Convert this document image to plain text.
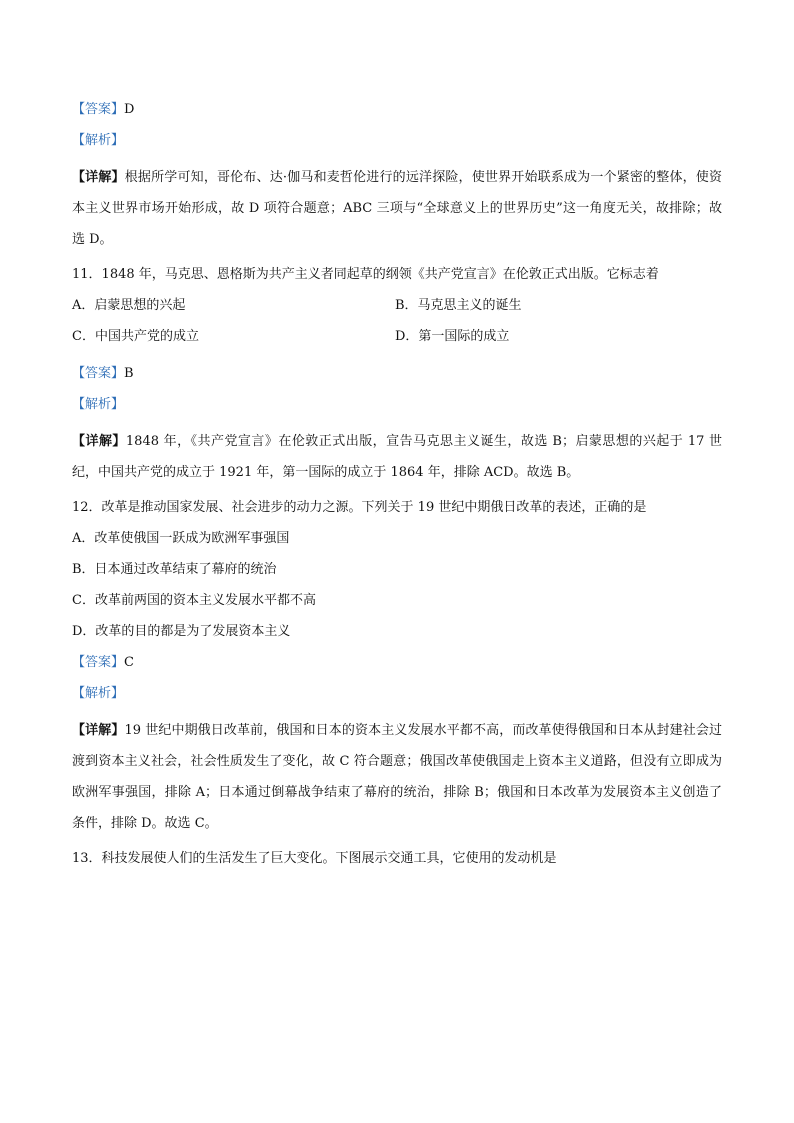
【答案】D

【解析】

【详解】根据所学可知，哥伦布、达·伽马和麦哲伦进行的远洋探险，使世界开始联系成为一个紧密的整体，使资本主义世界市场开始形成，故 D 项符合题意；ABC 三项与“全球意义上的世界历史”这一角度无关，故排除；故选 D。

11．1848 年，马克思、恩格斯为共产主义者同起草的纲领《共产党宣言》在伦敦正式出版。它标志着

A．启蒙思想的兴起	B．马克思主义的诞生
C．中国共产党的成立	D．第一国际的成立

【答案】B

【解析】

【详解】1848 年，《共产党宣言》在伦敦正式出版，宣告马克思主义诞生，故选 B；启蒙思想的兴起于 17 世纪，中国共产党的成立于 1921 年，第一国际的成立于 1864 年，排除 ACD。故选 B。

12．改革是推动国家发展、社会进步的动力之源。下列关于 19 世纪中期俄日改革的表述，正确的是

A．改革使俄国一跃成为欧洲军事强国

B．日本通过改革结束了幕府的统治

C．改革前两国的资本主义发展水平都不高

D．改革的目的都是为了发展资本主义

【答案】C

【解析】

【详解】19 世纪中期俄日改革前，俄国和日本的资本主义发展水平都不高，而改革使得俄国和日本从封建社会过渡到资本主义社会，社会性质发生了变化，故 C 符合题意；俄国改革使俄国走上资本主义道路，但没有立即成为欧洲军事强国，排除 A；日本通过倒幕战争结束了幕府的统治，排除 B；俄国和日本改革为发展资本主义创造了条件，排除 D。故选 C。

13．科技发展使人们的生活发生了巨大变化。下图展示交通工具，它使用的发动机是
